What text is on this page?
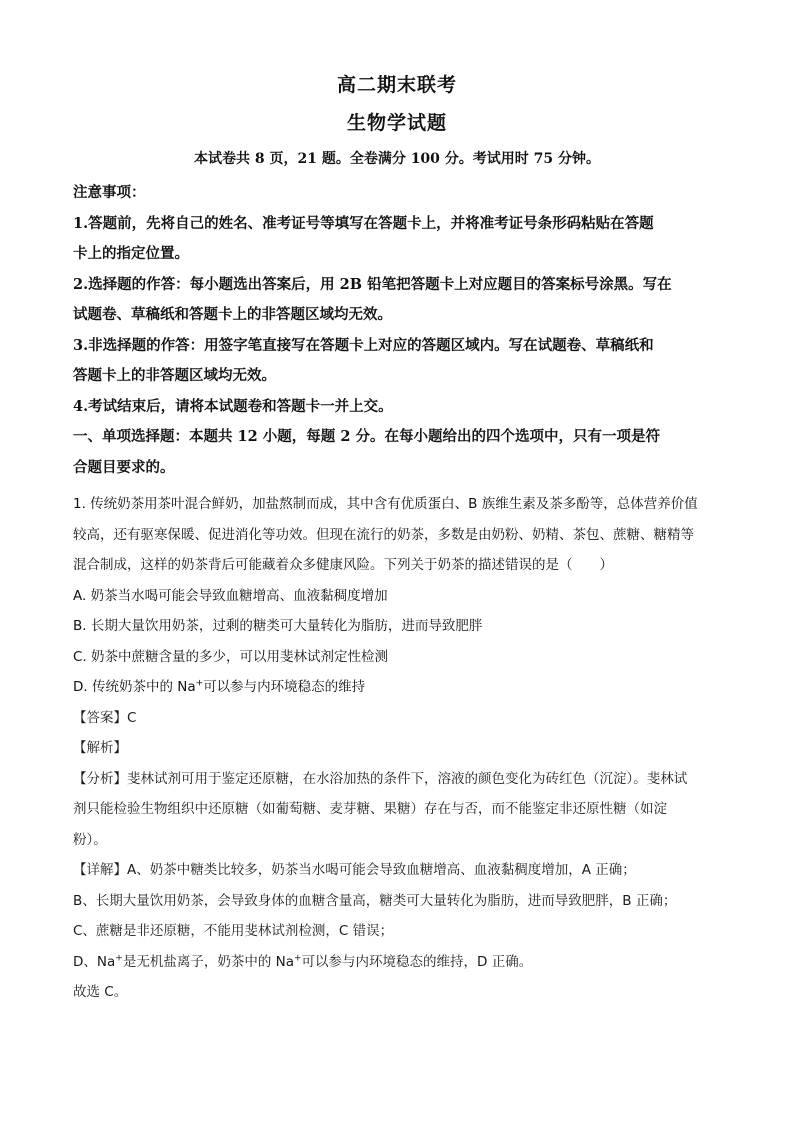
高二期末联考
生物学试题
本试卷共 8 页，21 题。全卷满分 100 分。考试用时 75 分钟。
注意事项：
1.答题前，先将自己的姓名、准考证号等填写在答题卡上，并将准考证号条形码粘贴在答题
卡上的指定位置。
2.选择题的作答：每小题选出答案后，用 2B 铅笔把答题卡上对应题目的答案标号涂黑。写在
试题卷、草稿纸和答题卡上的非答题区域均无效。
3.非选择题的作答：用签字笔直接写在答题卡上对应的答题区域内。写在试题卷、草稿纸和
答题卡上的非答题区域均无效。
4.考试结束后，请将本试题卷和答题卡一并上交。
一、单项选择题：本题共 12 小题，每题 2 分。在每小题给出的四个选项中，只有一项是符
合题目要求的。
1. 传统奶茶用茶叶混合鲜奶，加盐熬制而成，其中含有优质蛋白、B 族维生素及茶多酚等，总体营养价值
较高，还有驱寒保暖、促进消化等功效。但现在流行的奶茶，多数是由奶粉、奶精、茶包、蔗糖、糖精等
混合制成，这样的奶茶背后可能藏着众多健康风险。下列关于奶茶的描述错误的是（　　）
A. 奶茶当水喝可能会导致血糖增高、血液黏稠度增加
B. 长期大量饮用奶茶，过剩的糖类可大量转化为脂肪，进而导致肥胖
C. 奶茶中蔗糖含量的多少，可以用斐林试剂定性检测
D. 传统奶茶中的 Na+可以参与内环境稳态的维持
【答案】C
【解析】
【分析】斐林试剂可用于鉴定还原糖，在水浴加热的条件下，溶液的颜色变化为砖红色（沉淀）。斐林试
剂只能检验生物组织中还原糖（如葡萄糖、麦芽糖、果糖）存在与否，而不能鉴定非还原性糖（如淀
粉）。
【详解】A、奶茶中糖类比较多，奶茶当水喝可能会导致血糖增高、血液黏稠度增加，A 正确；
B、长期大量饮用奶茶，会导致身体的血糖含量高，糖类可大量转化为脂肪，进而导致肥胖，B 正确；
C、蔗糖是非还原糖，不能用斐林试剂检测，C 错误；
D、Na+是无机盐离子，奶茶中的 Na+可以参与内环境稳态的维持，D 正确。
故选 C。
